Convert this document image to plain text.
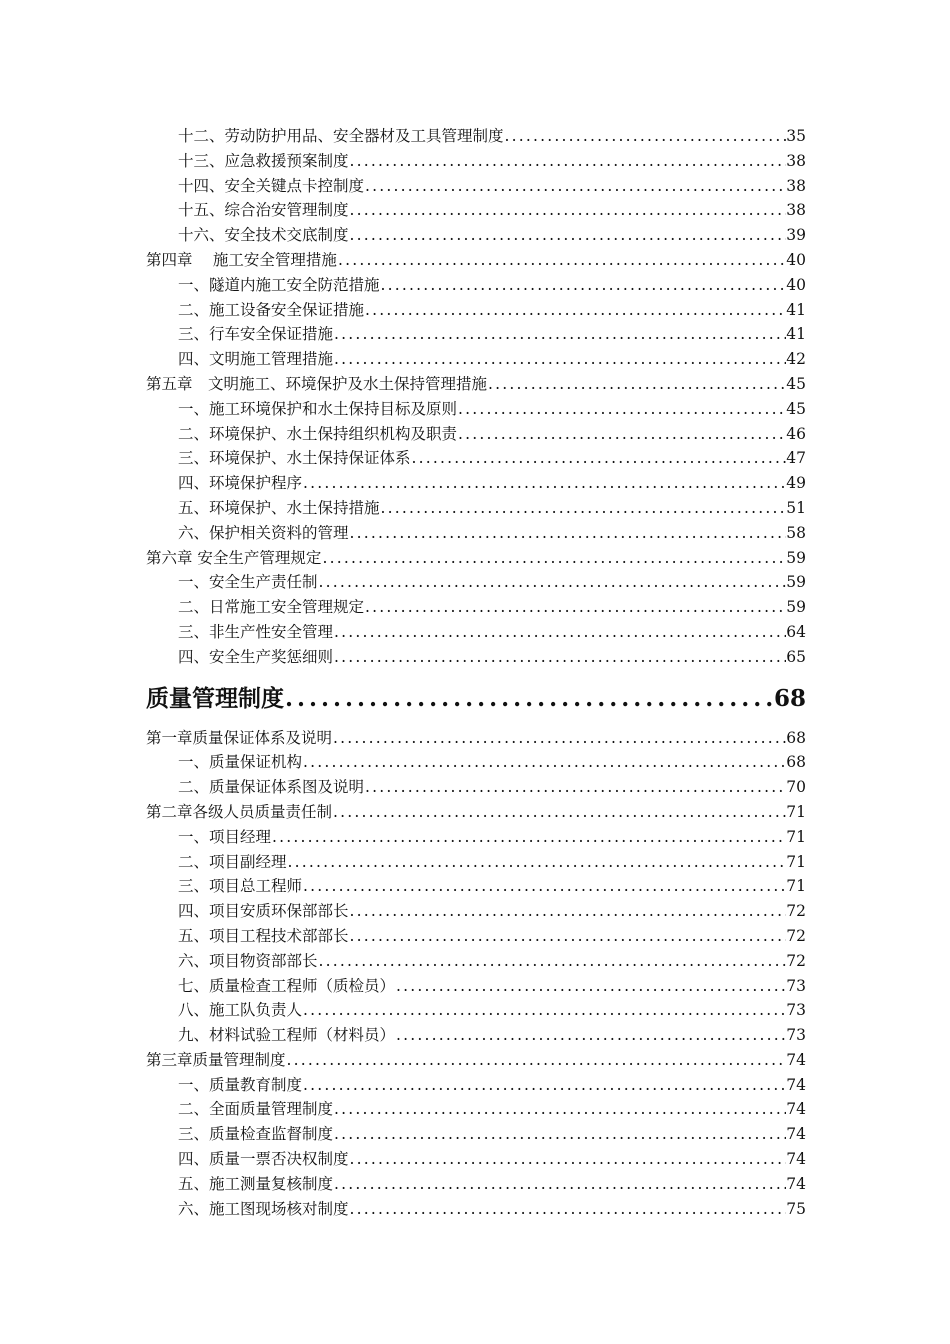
十二、劳动防护用品、安全器材及工具管理制度 .....	35
十三、应急救援预案制度 .....	38
十四、安全关键点卡控制度 .....	38
十五、综合治安管理制度 .....	38
十六、安全技术交底制度 .....	39
第四章　 施工安全管理措施 .....	40
一、隧道内施工安全防范措施 .....	40
二、施工设备安全保证措施 .....	41
三、行车安全保证措施 .....	41
四、文明施工管理措施 .....	42
第五章　文明施工、环境保护及水土保持管理措施 .....	45
一、施工环境保护和水土保持目标及原则 .....	45
二、环境保护、水土保持组织机构及职责 .....	46
三、环境保护、水土保持保证体系 .....	47
四、环境保护程序 .....	49
五、环境保护、水土保持措施 .....	51
六、保护相关资料的管理 .....	58
第六章 安全生产管理规定 .....	59
一、安全生产责任制 .....	59
二、日常施工安全管理规定 .....	59
三、非生产性安全管理 .....	64
四、安全生产奖惩细则 .....	65
质量管理制度 .....	68
第一章质量保证体系及说明 .....	68
一、质量保证机构 .....	68
二、质量保证体系图及说明 .....	70
第二章各级人员质量责任制 .....	71
一、项目经理 .....	71
二、项目副经理 .....	71
三、项目总工程师 .....	71
四、项目安质环保部部长 .....	72
五、项目工程技术部部长 .....	72
六、项目物资部部长 .....	72
七、质量检查工程师（质检员） .....	73
八、施工队负责人 .....	73
九、材料试验工程师（材料员） .....	73
第三章质量管理制度 .....	74
一、质量教育制度 .....	74
二、全面质量管理制度 .....	74
三、质量检查监督制度 .....	74
四、质量一票否决权制度 .....	74
五、施工测量复核制度 .....	74
六、施工图现场核对制度 .....	75
